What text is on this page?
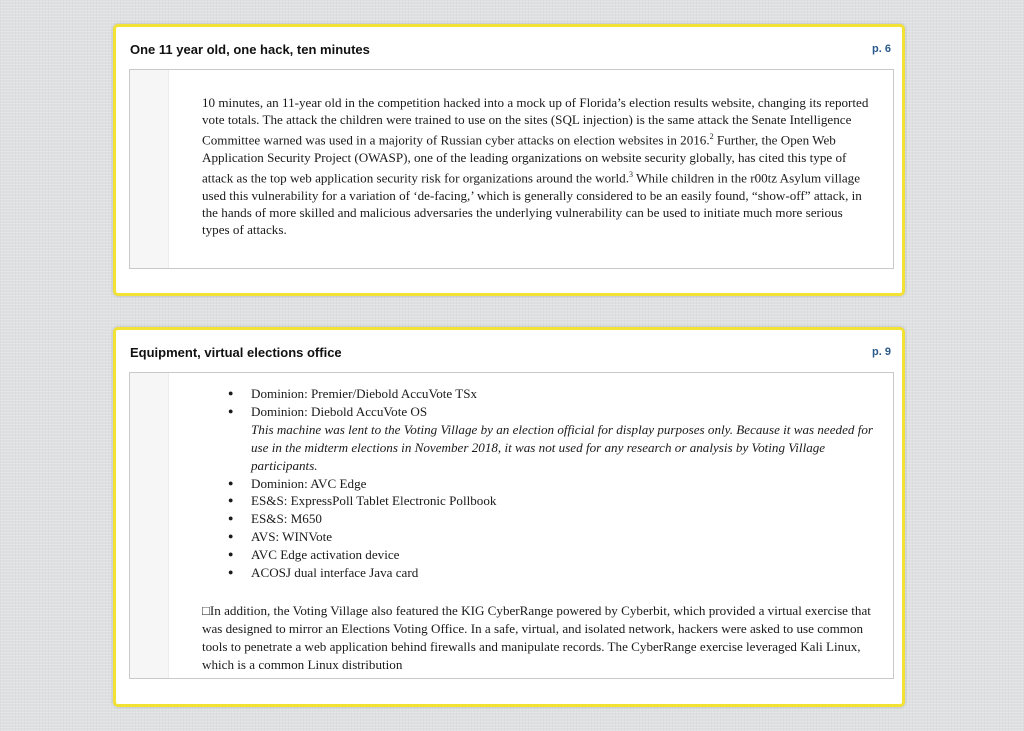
One 11 year old, one hack, ten minutes	p. 6

10 minutes, an 11-year old in the competition hacked into a mock up of Florida’s election results website, changing its reported vote totals. The attack the children were trained to use on the sites (SQL injection) is the same attack the Senate Intelligence Committee warned was used in a majority of Russian cyber attacks on election websites in 2016.$^2$ Further, the Open Web Application Security Project (OWASP), one of the leading organizations on website security globally, has cited this type of attack as the top web application security risk for organizations around the world.$^3$ While children in the r00tz Asylum village used this vulnerability for a variation of ‘de-facing,’ which is generally considered to be an easily found, “show-off” attack, in the hands of more skilled and malicious adversaries the underlying vulnerability can be used to initiate much more serious types of attacks.

Equipment, virtual elections office	p. 9
● Dominion: Premier/Diebold AccuVote TSx
● Dominion: Diebold AccuVote OS
This machine was lent to the Voting Village by an election official for display purposes only. Because it was needed for use in the midterm elections in November 2018, it was not used for any research or analysis by Voting Village participants.
● Dominion: AVC Edge
● ES&S: ExpressPoll Tablet Electronic Pollbook
● ES&S: M650
● AVS: WINVote
● AVC Edge activation device
● ACOSJ dual interface Java card

□In addition, the Voting Village also featured the KIG CyberRange powered by Cyberbit, which provided a virtual exercise that was designed to mirror an Elections Voting Office. In a safe, virtual, and isolated network, hackers were asked to use common tools to penetrate a web application behind firewalls and manipulate records. The CyberRange exercise leveraged Kali Linux, which is a common Linux distribution
